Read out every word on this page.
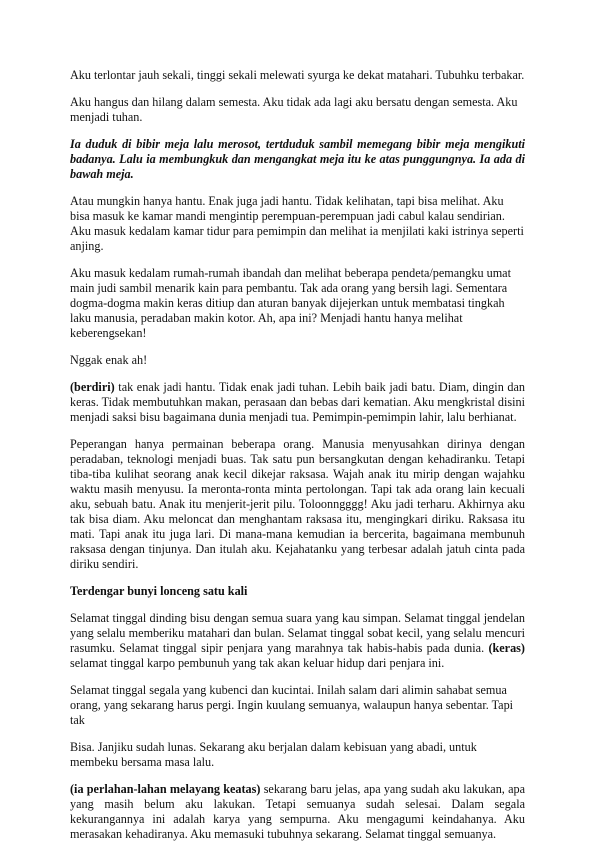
Aku terlontar jauh sekali, tinggi sekali melewati syurga ke dekat matahari. Tubuhku terbakar.

Aku hangus dan hilang dalam semesta. Aku tidak ada lagi aku bersatu dengan semesta. Aku menjadi tuhan.

Ia duduk di bibir meja lalu merosot, tertduduk sambil memegang bibir meja mengikuti badanya. Lalu ia membungkuk dan mengangkat meja itu ke atas punggungnya. Ia ada di bawah meja.

Atau mungkin hanya hantu. Enak juga jadi hantu. Tidak kelihatan, tapi bisa melihat. Aku bisa masuk ke kamar mandi mengintip perempuan-perempuan jadi cabul kalau sendirian. Aku masuk kedalam kamar tidur para pemimpin dan melihat ia menjilati kaki istrinya seperti anjing.

Aku masuk kedalam rumah-rumah ibandah dan melihat beberapa pendeta/pemangku umat main judi sambil menarik kain para pembantu. Tak ada orang yang bersih lagi. Sementara dogma-dogma makin keras ditiup dan aturan banyak dijejerkan untuk membatasi tingkah laku manusia, peradaban makin kotor. Ah, apa ini? Menjadi hantu hanya melihat keberengsekan!

Nggak enak ah!

(berdiri) tak enak jadi hantu. Tidak enak jadi tuhan. Lebih baik jadi batu. Diam, dingin dan keras. Tidak membutuhkan makan, perasaan dan bebas dari kematian. Aku mengkristal disini menjadi saksi bisu bagaimana dunia menjadi tua. Pemimpin-pemimpin lahir, lalu berhianat.

Peperangan hanya permainan beberapa orang. Manusia menyusahkan dirinya dengan peradaban, teknologi menjadi buas. Tak satu pun bersangkutan dengan kehadiranku. Tetapi tiba-tiba kulihat seorang anak kecil dikejar raksasa. Wajah anak itu mirip dengan wajahku waktu masih menyusu. Ia meronta-ronta minta pertolongan. Tapi tak ada orang lain kecuali aku, sebuah batu. Anak itu menjerit-jerit pilu. Toloonngggg! Aku jadi terharu. Akhirnya aku tak bisa diam. Aku meloncat dan menghantam raksasa itu, mengingkari diriku. Raksasa itu mati. Tapi anak itu juga lari. Di mana-mana kemudian ia bercerita, bagaimana membunuh raksasa dengan tinjunya. Dan itulah aku. Kejahatanku yang terbesar adalah jatuh cinta pada diriku sendiri.

Terdengar bunyi lonceng satu kali

Selamat tinggal dinding bisu dengan semua suara yang kau simpan. Selamat tinggal jendelan yang selalu memberiku matahari dan bulan. Selamat tinggal sobat kecil, yang selalu mencuri rasumku. Selamat tinggal sipir penjara yang marahnya tak habis-habis pada dunia. (keras) selamat tinggal karpo pembunuh yang tak akan keluar hidup dari penjara ini.

Selamat tinggal segala yang kubenci dan kucintai. Inilah salam dari alimin sahabat semua orang, yang sekarang harus pergi. Ingin kuulang semuanya, walaupun hanya sebentar. Tapi tak

Bisa. Janjiku sudah lunas. Sekarang aku berjalan dalam kebisuan yang abadi, untuk membeku bersama masa lalu.

(ia perlahan-lahan melayang keatas) sekarang baru jelas, apa yang sudah aku lakukan, apa yang masih belum aku lakukan. Tetapi semuanya sudah selesai. Dalam segala kekurangannya ini adalah karya yang sempurna. Aku mengagumi keindahanya. Aku merasakan kehadiranya. Aku memasuki tubuhnya sekarang. Selamat tinggal semuanya.
